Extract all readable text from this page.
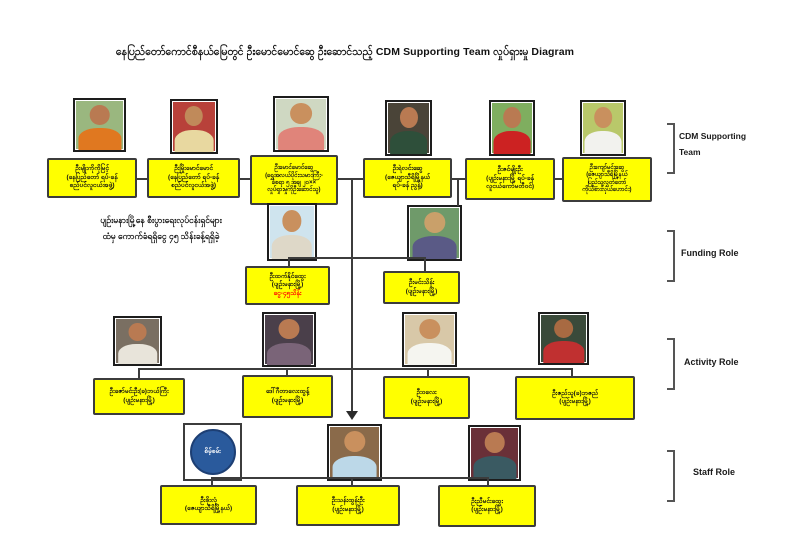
နေပြည်တော်ကောင်စီနယ်မြေတွင် ဦးမောင်မောင်ဆွေ ဦးဆောင်သည့် CDM Supporting Team လှုပ်ရှားမှု Diagram
ဦးမျိုးကိုကိုမြင့်
(နေပြည်တော် ရပ်-ခန်
စည်ပင်လူငယ်အဖွဲ့)
ဦးမြိုးမောင်မောင်
(နေပြည်တော် ရပ်-ခန်
စည်ပင်လူငယ်အဖွဲ့)
ဦးမောင်မောင်ဆွေ
(ရွှေအလယ်ပိုင်းသမားကြီး-
ခံစရာ ၅ အချ ၂၀××
လှုပ်ရှားမှုကိုဦးဆောင်သူ)
ဦးရဲလင်းဆွေ
(ဇေယျာသီရိမြို့နယ်
ရပ်-ခန် ညွန့်)
ဦးဇင်မျိုးဦး
(ပျဉ်းမနားမြို့ ရပ်-ခန်
လူငယ်ကော်မတီဝင်)
ဦးကျော်မင်းဆွေ
(ဇေယျာသီရိမြို့နယ်
ပြည်သူ့လွှတ်တော်
ကိုယ်စားလှယ်ဟောင်း)
ပျဉ်းမနားမြို့နေ စီးပွားရေးလုပ်ငန်းရှင်များ
ထံမှ ကောက်ခံရရှိငွေ ၄၅ သိန်းခန့်ရရှိခဲ့
ဦးထက်နိုင်ထွေး
(ပျဉ်းမနားမြို့)
ငွေ-၄၅သိန်း
ဦးမင်းသိန်း
(ပျဉ်းမနားမြို့)
ဦးဇော်မင်းဦး(ခ)ဘယ်ကြီး
(ပျဉ်းမနားမြို့)
ဒေါ်ဂီတာလေးထွန့်
(ပျဉ်းမနားမြို့)
ဦးဝလေး
(ပျဉ်းမနားမြို့)
ဦးဇည်သူ(ခ)ဘဇည်
(ပျဉ်းမနားမြို့)
စိမ့်စမ်း
ဦးဖိုးလုံ
(ဇေယျာသီရိမြို့နယ်)
ဦးသန်းထွန်းဦး
(ပျဉ်းမနားမြို့)
ဦးညီမင်းထွေး
(ပျဉ်းမနားမြို့)
CDM Supporting
Team
Funding Role
Activity Role
Staff Role
